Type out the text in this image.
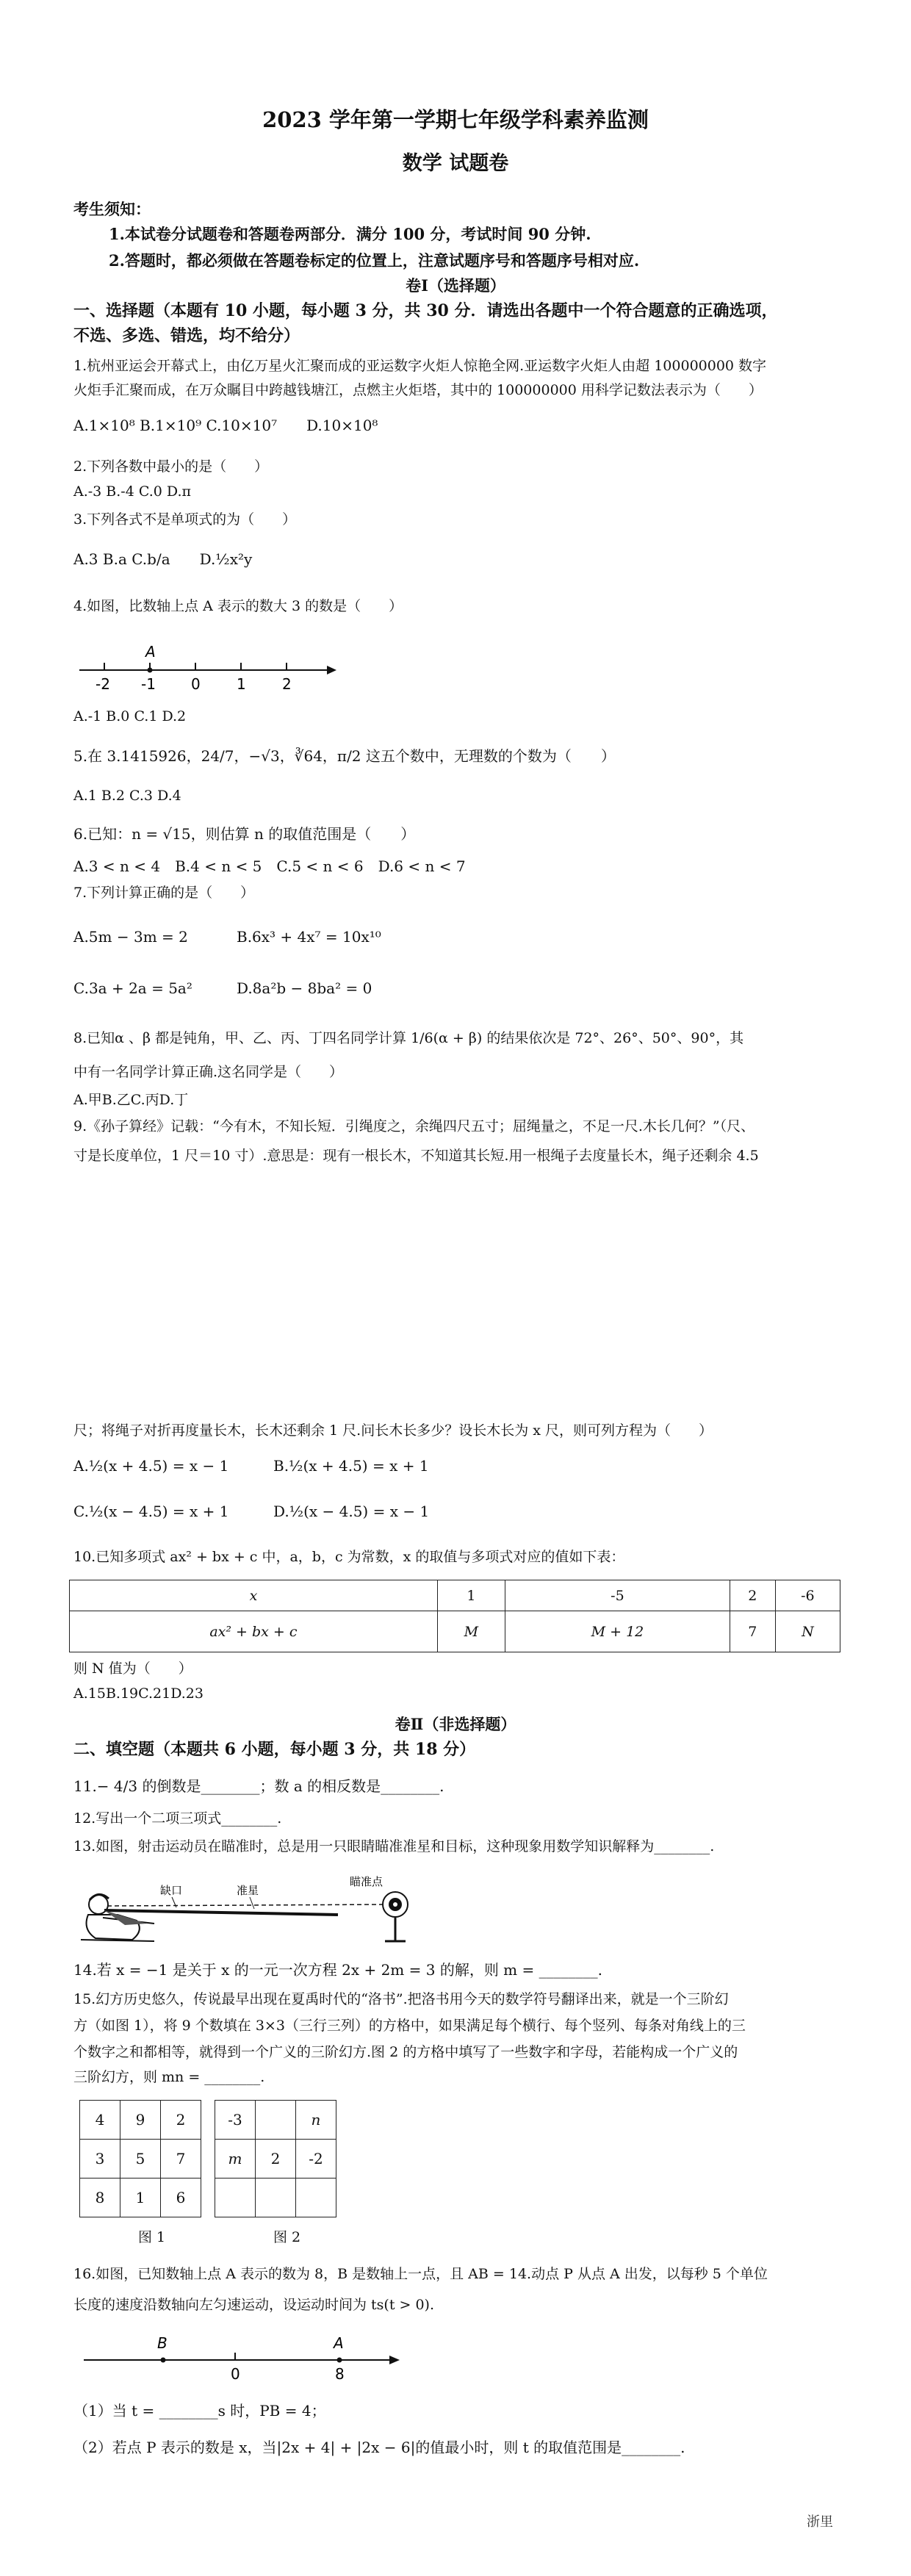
2023 学年第一学期七年级学科素养监测
数学 试题卷
考生须知：
1.本试卷分试题卷和答题卷两部分．满分 100 分，考试时间 90 分钟.
2.答题时，都必须做在答题卷标定的位置上，注意试题序号和答题序号相对应.
卷Ⅰ（选择题）
一、选择题（本题有 10 小题，每小题 3 分，共 30 分．请选出各题中一个符合题意的正确选项，
不选、多选、错选，均不给分）
1.杭州亚运会开幕式上，由亿万星火汇聚而成的亚运数字火炬人惊艳全网.亚运数字火炬人由超 100000000 数字
火炬手汇聚而成，在万众瞩目中跨越钱塘江，点燃主火炬塔，其中的 100000000 用科学记数法表示为（　　）
A.1×10⁸ B.1×10⁹ C.10×10⁷　　D.10×10⁸
2.下列各数中最小的是（　　）
A.-3 B.-4 C.0 D.π
3.下列各式不是单项式的为（　　）
A.3 B.a C.b/a　　D.½x²y
4.如图，比数轴上点 A 表示的数大 3 的数是（　　）
A
-2 -1 0 1 2
A.-1 B.0 C.1 D.2
5.在 3.1415926，24/7，−√3，∛64，π/2 这五个数中，无理数的个数为（　　）
A.1 B.2 C.3 D.4
6.已知：n = √15，则估算 n 的取值范围是（　　）
A.3 < n < 4　B.4 < n < 5　C.5 < n < 6　D.6 < n < 7
7.下列计算正确的是（　　）
A.5m − 3m = 2	B.6x³ + 4x⁷ = 10x¹⁰
C.3a + 2a = 5a²	D.8a²b − 8ba² = 0
8.已知α 、β 都是钝角，甲、乙、丙、丁四名同学计算 1/6(α + β) 的结果依次是 72°、26°、50°、90°，其
中有一名同学计算正确.这名同学是（　　）
A.甲B.乙C.丙D.丁
9.《孙子算经》记载：“今有木，不知长短．引绳度之，余绳四尺五寸；屈绳量之，不足一尺.木长几何？”（尺、
寸是长度单位，1 尺＝10 寸）.意思是：现有一根长木，不知道其长短.用一根绳子去度量长木，绳子还剩余 4.5
尺；将绳子对折再度量长木，长木还剩余 1 尺.问长木长多少？设长木长为 x 尺，则可列方程为（　　）
A.½(x + 4.5) = x − 1	B.½(x + 4.5) = x + 1
C.½(x − 4.5) = x + 1	D.½(x − 4.5) = x − 1
10.已知多项式 ax² + bx + c 中，a，b，c 为常数，x 的取值与多项式对应的值如下表：
x	1	-5	2	-6
ax² + bx + c	M	M + 12	7	N
则 N 值为（　　）
A.15B.19C.21D.23
卷Ⅱ（非选择题）
二、填空题（本题共 6 小题，每小题 3 分，共 18 分）
11.− 4/3 的倒数是________；数 a 的相反数是________.
12.写出一个二项三项式________.
13.如图，射击运动员在瞄准时，总是用一只眼睛瞄准准星和目标，这种现象用数学知识解释为________.
缺口	准星
瞄准点
14.若 x = −1 是关于 x 的一元一次方程 2x + 2m = 3 的解，则 m = ________.
15.幻方历史悠久，传说最早出现在夏禹时代的“洛书”.把洛书用今天的数学符号翻译出来，就是一个三阶幻
方（如图 1），将 9 个数填在 3×3（三行三列）的方格中，如果满足每个横行、每个竖列、每条对角线上的三
个数字之和都相等，就得到一个广义的三阶幻方.图 2 的方格中填写了一些数字和字母，若能构成一个广义的
三阶幻方，则 mn = ________.
4	9	2
3	5	7
8	1	6
-3		n
m	2	-2

图 1	图 2
16.如图，已知数轴上点 A 表示的数为 8，B 是数轴上一点，且 AB = 14.动点 P 从点 A 出发，以每秒 5 个单位
长度的速度沿数轴向左匀速运动，设运动时间为 ts(t > 0).
B	A
0	8
（1）当 t = ________s 时，PB = 4；
（2）若点 P 表示的数是 x，当|2x + 4| + |2x − 6|的值最小时，则 t 的取值范围是________.
浙里
